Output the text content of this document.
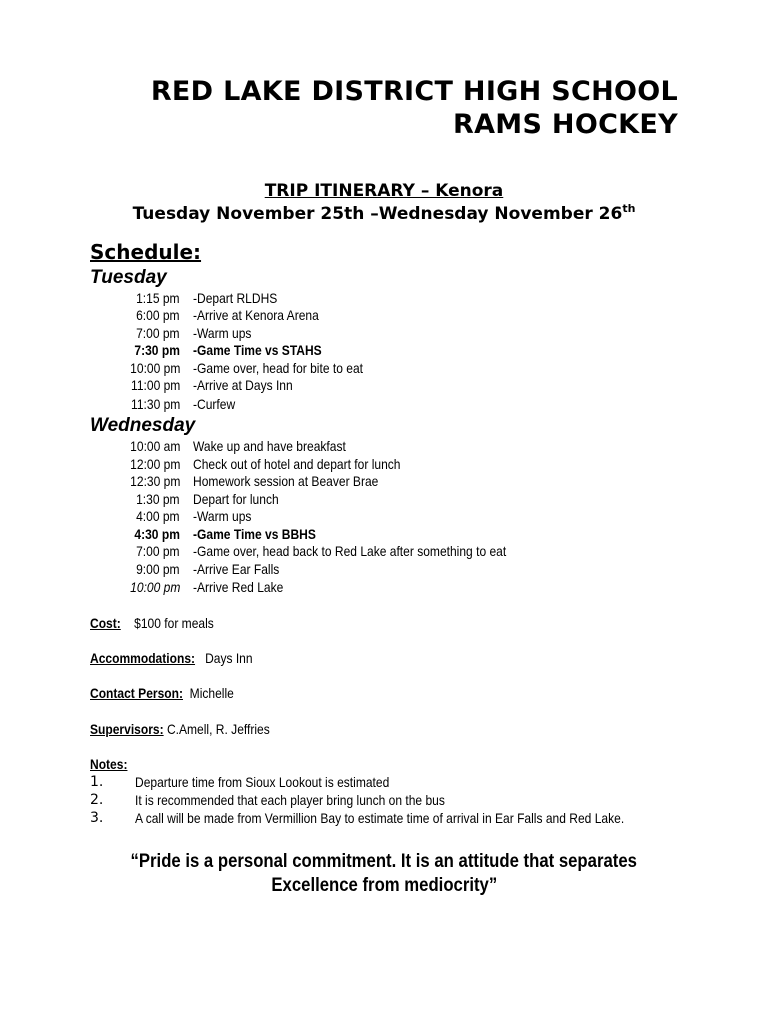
RED LAKE DISTRICT HIGH SCHOOL
RAMS HOCKEY
TRIP ITINERARY – Kenora
Tuesday November 25th –Wednesday November 26th
Schedule:
Tuesday
1:15 pm -Depart RLDHS
6:00 pm -Arrive at Kenora Arena
7:00 pm -Warm ups
7:30 pm -Game Time vs STAHS
10:00 pm -Game over, head for bite to eat
11:00 pm -Arrive at Days Inn
11:30 pm -Curfew
Wednesday
10:00 am Wake up and have breakfast
12:00 pm Check out of hotel and depart for lunch
12:30 pm Homework session at Beaver Brae
1:30 pm Depart for lunch
4:00 pm -Warm ups
4:30 pm -Game Time vs BBHS
7:00 pm -Game over, head back to Red Lake after something to eat
9:00 pm -Arrive Ear Falls
10:00 pm -Arrive Red Lake
Cost: $100 for meals
Accommodations: Days Inn
Contact Person: Michelle
Supervisors: C.Amell, R. Jeffries
Notes:
1. Departure time from Sioux Lookout is estimated
2. It is recommended that each player bring lunch on the bus
3. A call will be made from Vermillion Bay to estimate time of arrival in Ear Falls and Red Lake.
“Pride is a personal commitment. It is an attitude that separates
Excellence from mediocrity”
